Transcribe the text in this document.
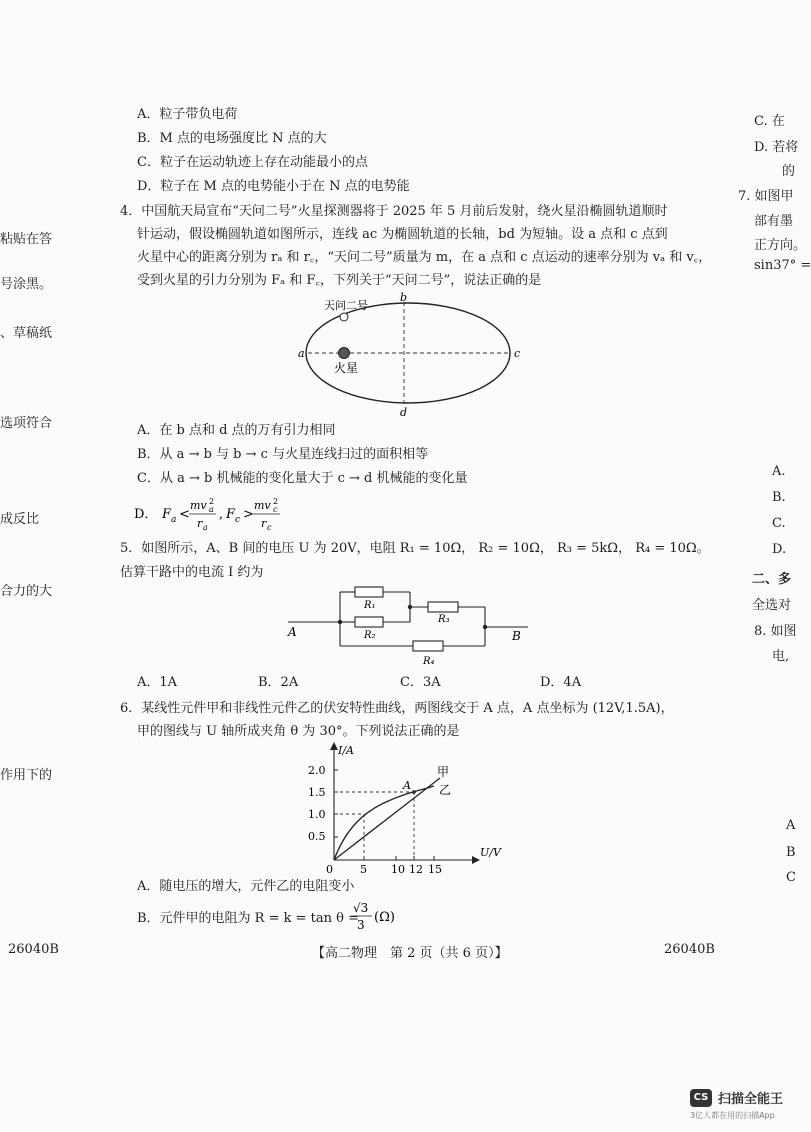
粘贴在答
号涂黑。
、草稿纸
选项符合
成反比
合力的大
作用下的
C. 在
D. 若将
的
7. 如图甲
部有墨
正方向。
sin37° =
A.
B.
C.
D.
二、多
全选对
8. 如图
电,
A
B
C
A．粒子带负电荷
B．M 点的电场强度比 N 点的大
C．粒子在运动轨迹上存在动能最小的点
D．粒子在 M 点的电势能小于在 N 点的电势能
4．中国航天局宣布“天问二号”火星探测器将于 2025 年 5 月前后发射，绕火星沿椭圆轨道顺时
针运动，假设椭圆轨道如图所示，连线 ac 为椭圆轨道的长轴，bd 为短轴。设 a 点和 c 点到
火星中心的距离分别为 rₐ 和 r꜀，“天问二号”质量为 m，在 a 点和 c 点运动的速率分别为 vₐ 和 v꜀，
受到火星的引力分别为 Fₐ 和 F꜀，下列关于“天问二号”，说法正确的是
天问二号
火星
a
b
c
d
A．在 b 点和 d 点的万有引力相同
B．从 a → b 与 b → c 与火星连线扫过的面积相等
C．从 a → b 机械能的变化量大于 c → d 机械能的变化量
D． F a <
mv 2
a
r a
, F c >
mv 2
c
r c
5．如图所示，A、B 间的电压 U 为 20V，电阻 R₁ = 10Ω， R₂ = 10Ω， R₃ = 5kΩ， R₄ = 10Ω。
估算干路中的电流 I 约为
R₁
R₂
R₃
R₄
A	B
A．1A	B．2A	C．3A	D．4A
6．某线性元件甲和非线性元件乙的伏安特性曲线，两图线交于 A 点，A 点坐标为 (12V,1.5A)，
甲的图线与 U 轴所成夹角 θ 为 30°。下列说法正确的是
I/A
U/V
2.0
1.5
1.0
0.5
0 5 10 12 15
A
甲
乙
A．随电压的增大，元件乙的电阻变小
B．元件甲的电阻为 R = k = tan θ =
√3
3 (Ω)
26040B	【高二物理　第 2 页（共 6 页）】	26040B
CS 扫描全能王
3亿人都在用的扫描App
